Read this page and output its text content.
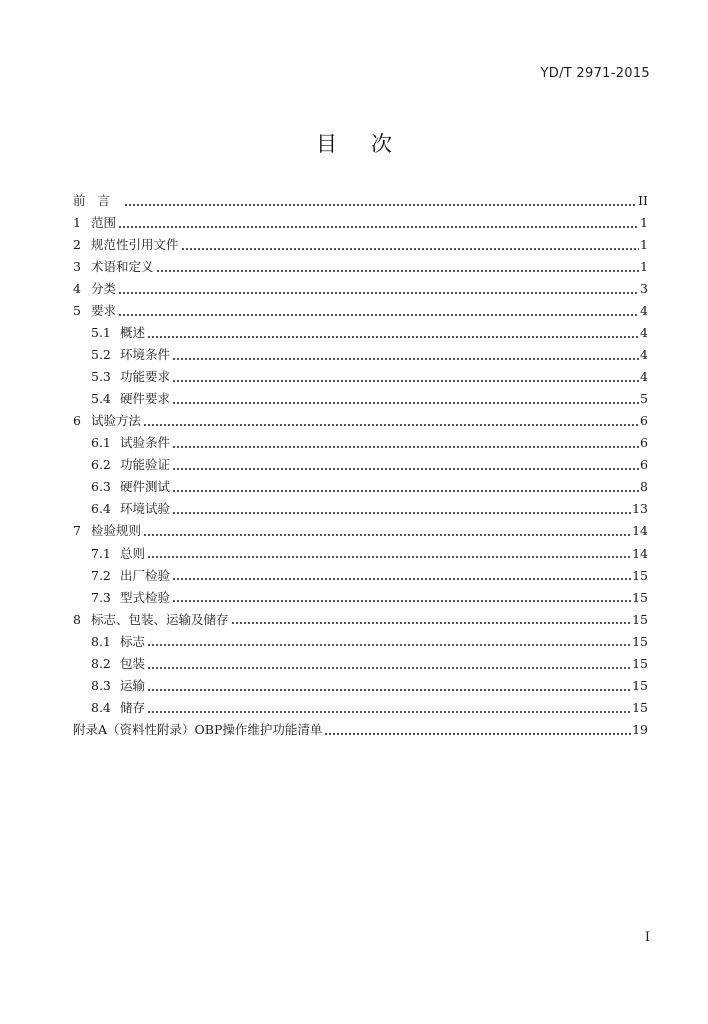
YD/T 2971-2015
目次
前言	II
1 范围	1
2 规范性引用文件	1
3 术语和定义	1
4 分类	3
5 要求	4
5.1 概述	4
5.2 环境条件	4
5.3 功能要求	4
5.4 硬件要求	5
6 试验方法	6
6.1 试验条件	6
6.2 功能验证	6
6.3 硬件测试	8
6.4 环境试验	13
7 检验规则	14
7.1 总则	14
7.2 出厂检验	15
7.3 型式检验	15
8 标志、包装、运输及储存	15
8.1 标志	15
8.2 包装	15
8.3 运输	15
8.4 储存	15
附录A（资料性附录）OBP操作维护功能清单	19
I
